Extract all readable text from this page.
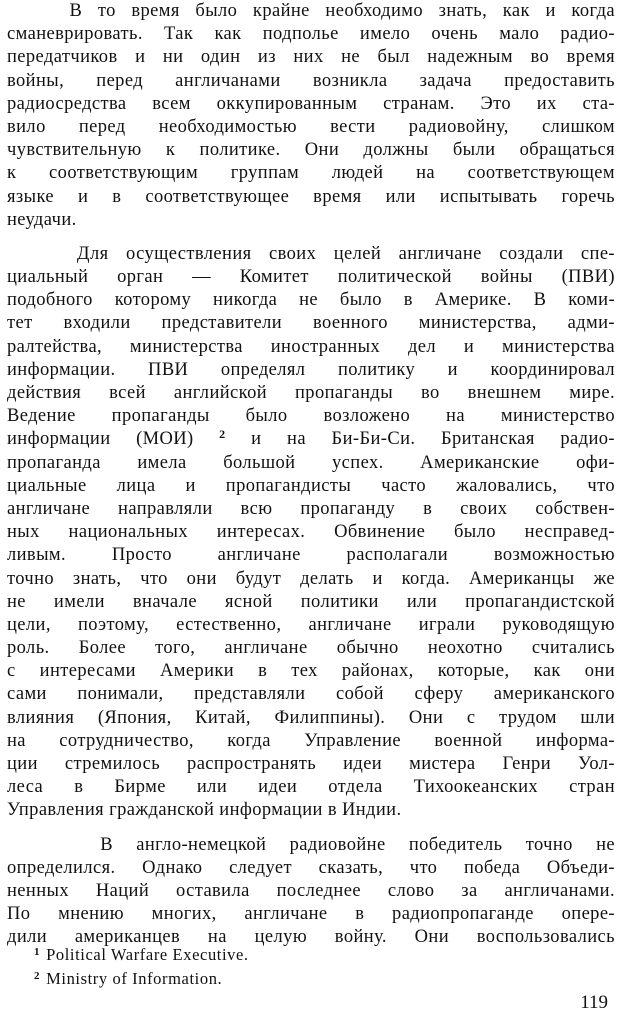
В то время было крайне необходимо знать, как и когда
сманеврировать. Так как подполье имело очень мало радио-
передатчиков и ни один из них не был надежным во время
войны, перед англичанами возникла задача предоставить
радиосредства всем оккупированным странам. Это их ста-
вило перед необходимостью вести радиовойну, слишком
чувствительную к политике. Они должны были обращаться
к соответствующим группам людей на соответствующем
языке и в соответствующее время или испытывать горечь
неудачи.
Для осуществления своих целей англичане создали спе-
циальный орган — Комитет политической войны (ПВИ)
подобного которому никогда не было в Америке. В коми-
тет входили представители военного министерства, адми-
ралтейства, министерства иностранных дел и министерства
информации. ПВИ определял политику и координировал
действия всей английской пропаганды во внешнем мире.
Ведение пропаганды было возложено на министерство
информации (МОИ) $^2$ и на Би-Би-Си. Британская радио-
пропаганда имела большой успех. Американские офи-
циальные лица и пропагандисты часто жаловались, что
англичане направляли всю пропаганду в своих собствен-
ных национальных интересах. Обвинение было несправед-
ливым. Просто англичане располагали возможностью
точно знать, что они будут делать и когда. Американцы же
не имели вначале ясной политики или пропагандистской
цели, поэтому, естественно, англичане играли руководящую
роль. Более того, англичане обычно неохотно считались
с интересами Америки в тех районах, которые, как они
сами понимали, представляли собой сферу американского
влияния (Япония, Китай, Филиппины). Они с трудом шли
на сотрудничество, когда Управление военной информа-
ции стремилось распространять идеи мистера Генри Уол-
леса в Бирме или идеи отдела Тихоокеанских стран
Управления гражданской информации в Индии.
В англо-немецкой радиовойне победитель точно не
определился. Однако следует сказать, что победа Объеди-
ненных Наций оставила последнее слово за англичанами.
По мнению многих, англичане в радиопропаганде опере-
дили американцев на целую войну. Они воспользовались
$^1$ Political Warfare Executive.
$^2$ Ministry of Information.
119
